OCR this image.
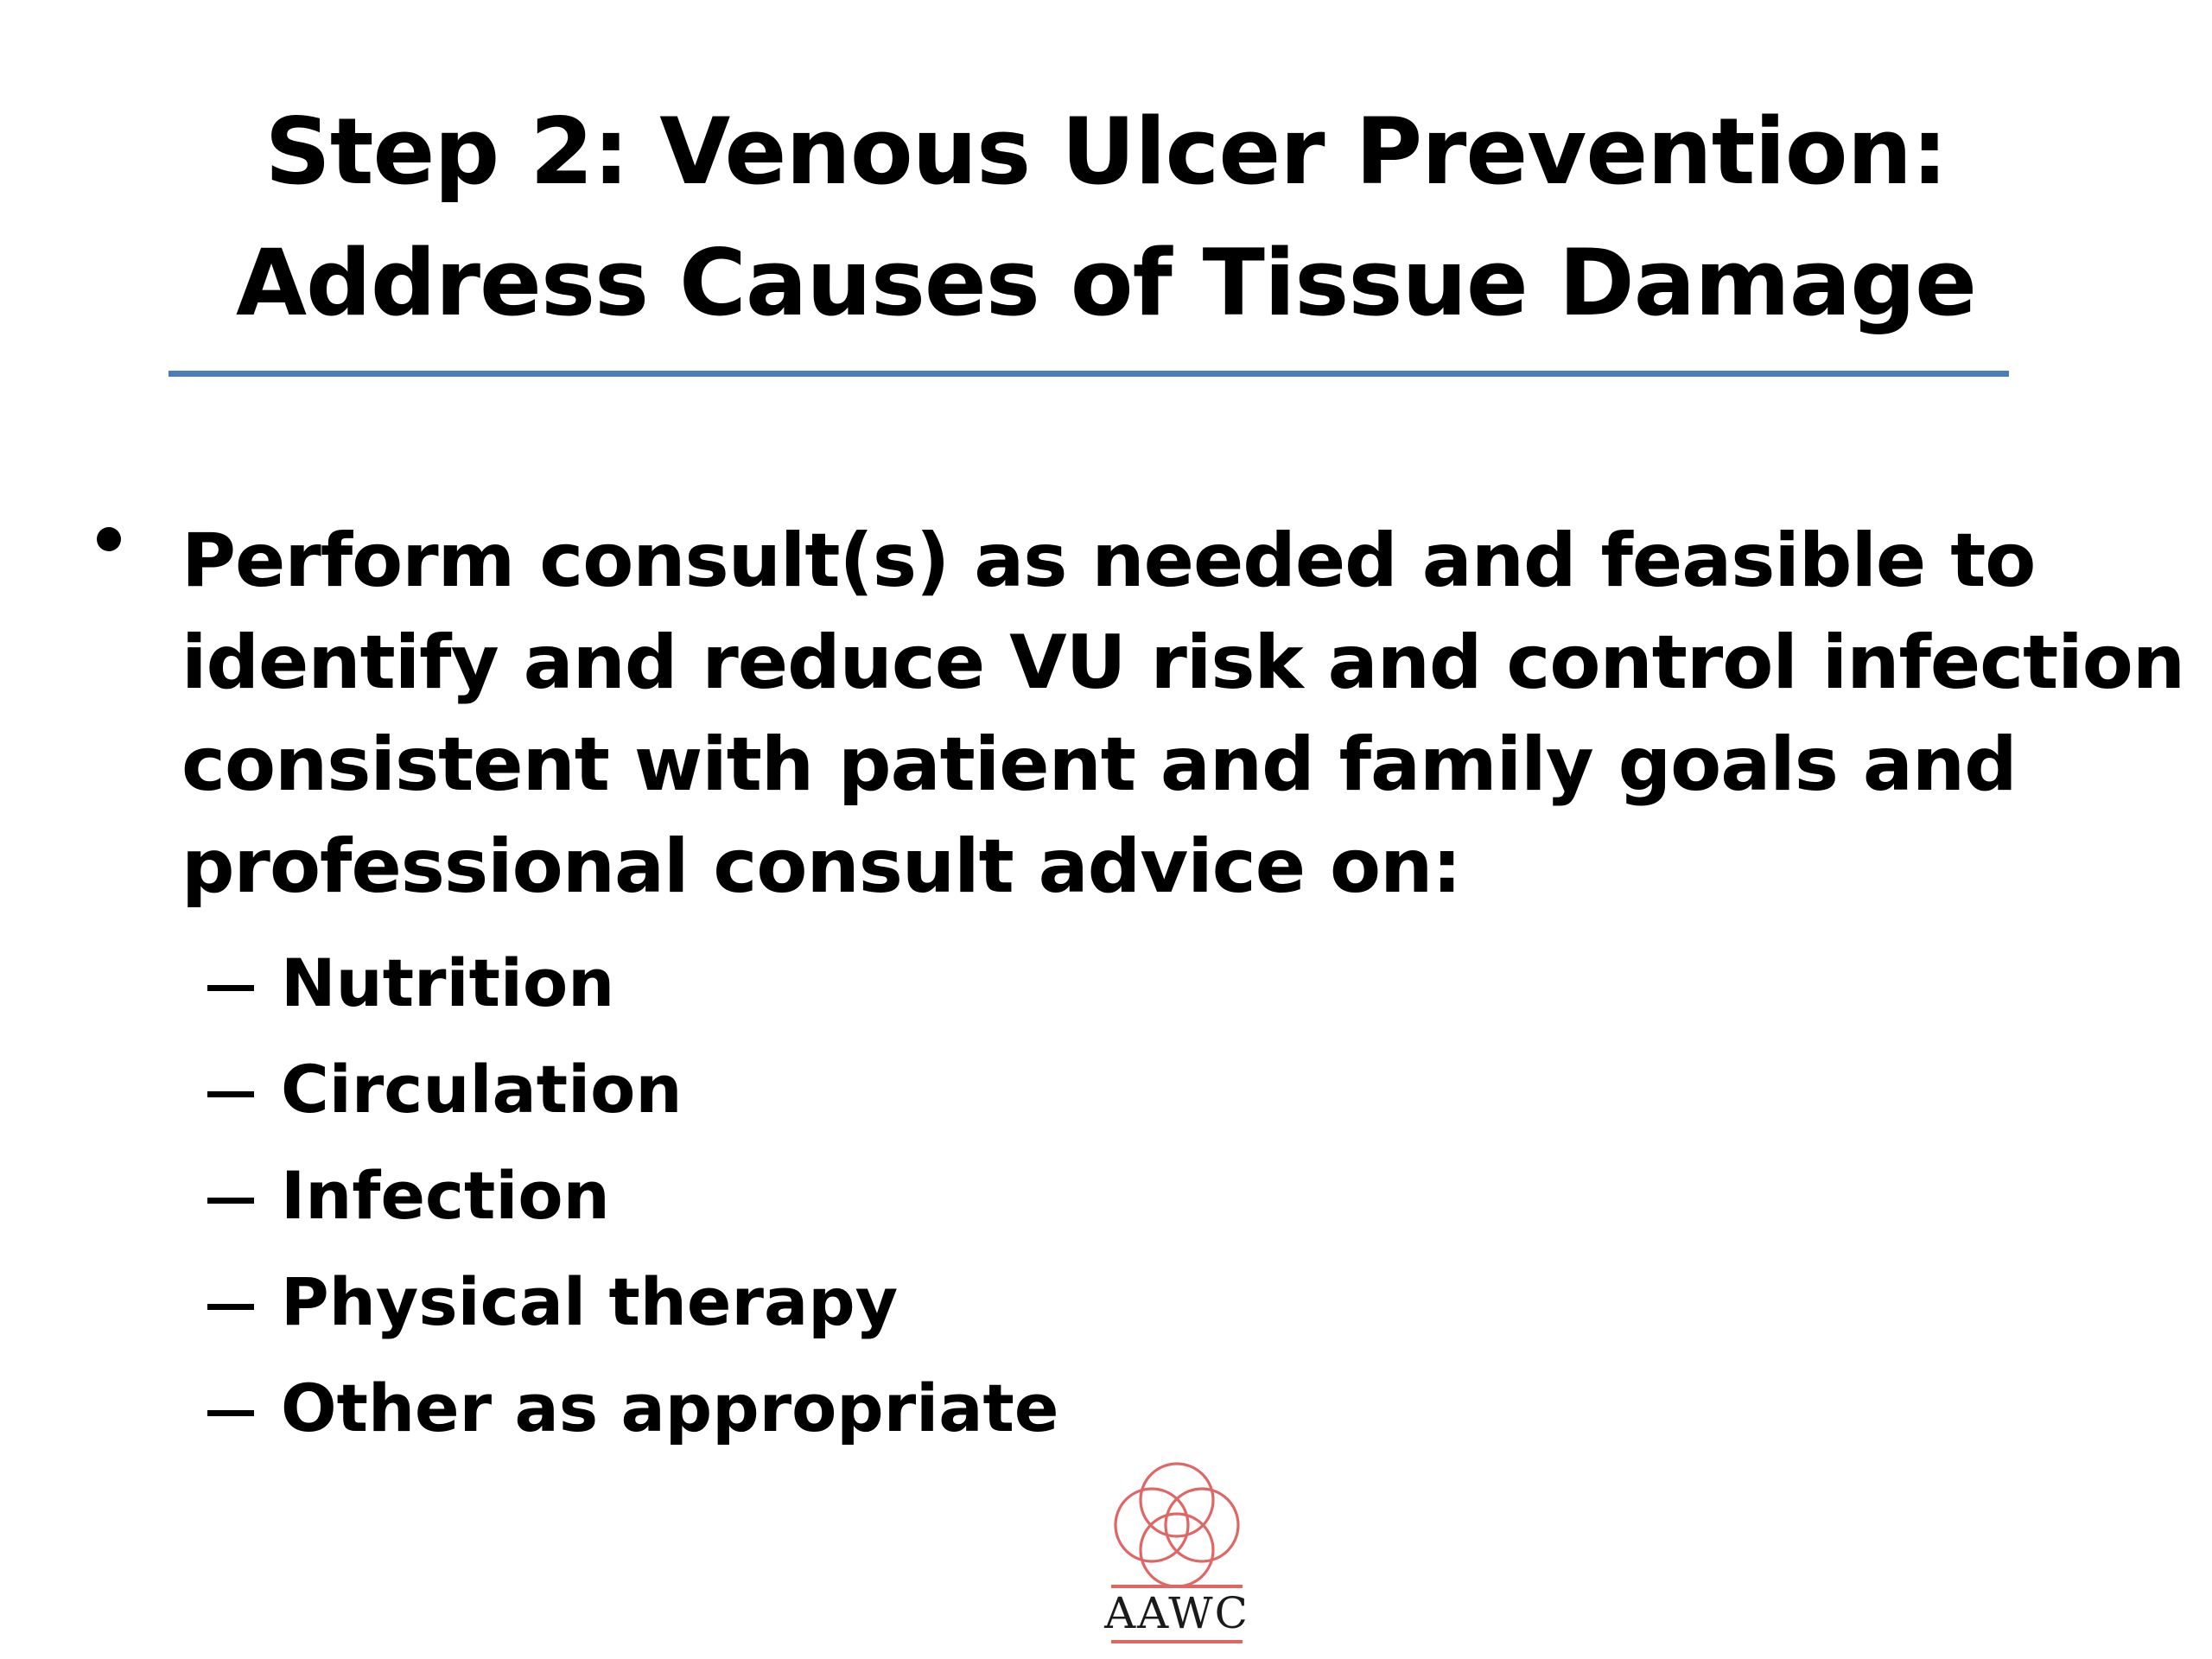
Step 2: Venous Ulcer Prevention:
Address Causes of Tissue Damage
Perform consult(s) as needed and feasible to
identify and reduce VU risk and control infection
consistent with patient and family goals and
professional consult advice on:
Nutrition
Circulation
Infection
Physical therapy
Other as appropriate
AAWC
